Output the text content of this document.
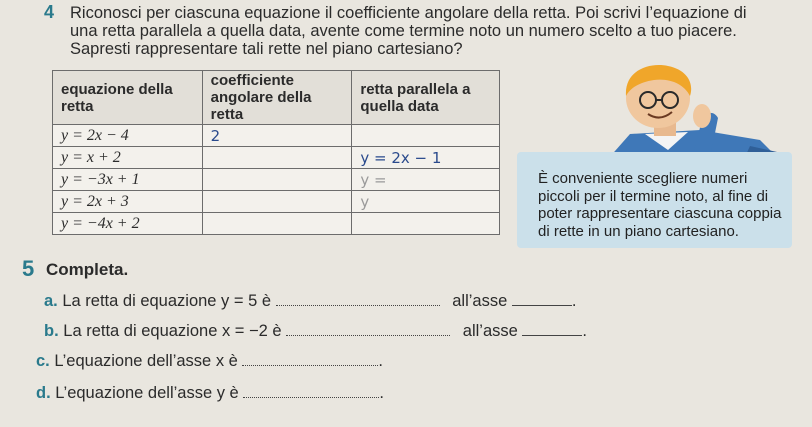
4 Riconosci per ciascuna equazione il coefficiente angolare della retta. Poi scrivi l’equazione di
una retta parallela a quella data, avente come termine noto un numero scelto a tuo piacere.
Sapresti rappresentare tali rette nel piano cartesiano?
equazione della retta	coefficiente angolare della retta	retta parallela a quella data
y = 2x − 4	2	
y = x + 2		y = 2x − 1
y = −3x + 1		y =
y = 2x + 3		y
y = −4x + 2		
È conveniente scegliere numeri
piccoli per il termine noto, al fine di
poter rappresentare ciascuna coppia
di rette in un piano cartesiano.
5 Completa.
a. La retta di equazione y = 5 è	all’asse	.
b. La retta di equazione x = −2 è	all’asse	.
c. L’equazione dell’asse x è	.
d. L’equazione dell’asse y è	.
